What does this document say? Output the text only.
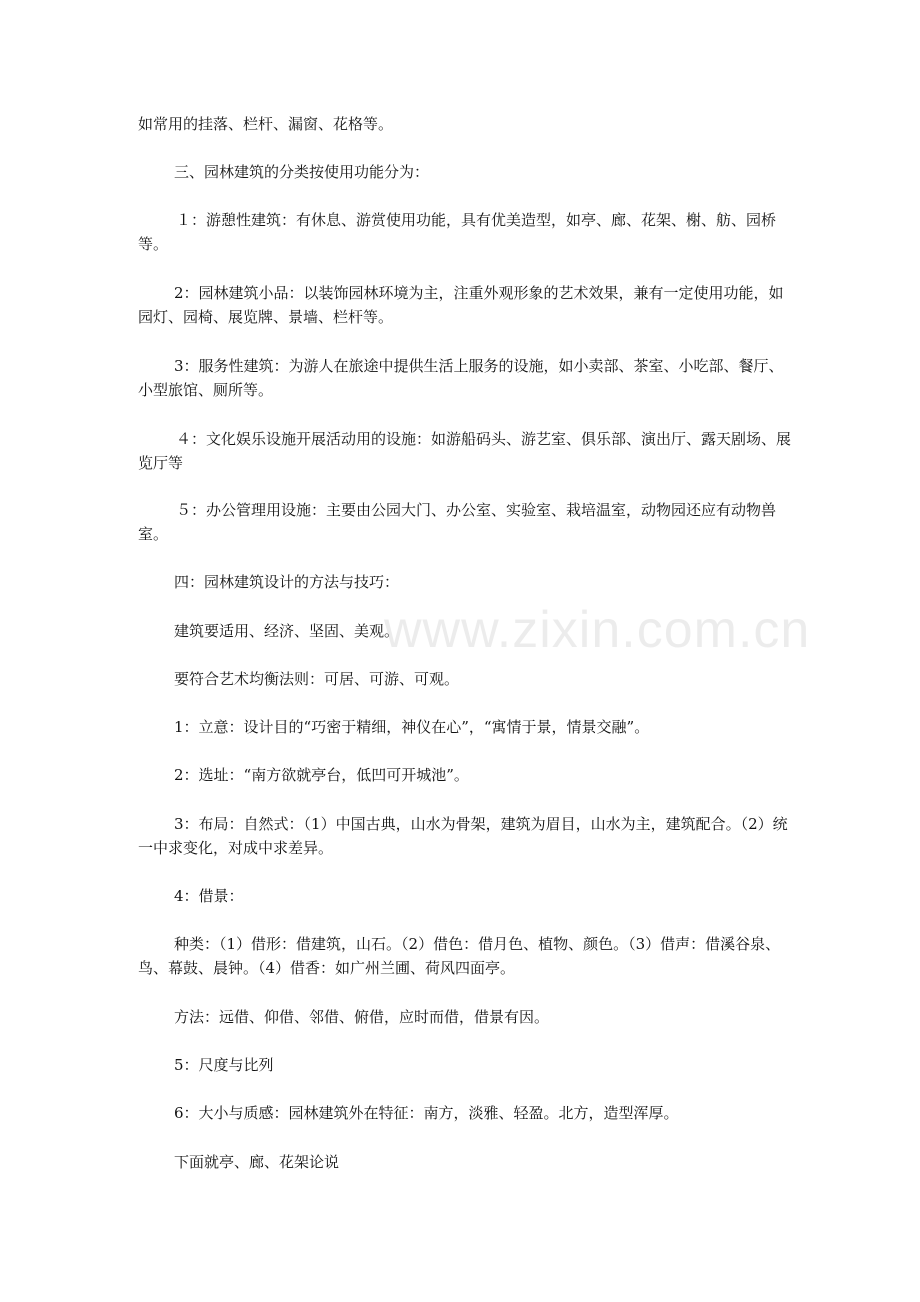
如常用的挂落、栏杆、漏窗、花格等。

三、园林建筑的分类按使用功能分为：

１：游憩性建筑：有休息、游赏使用功能，具有优美造型，如亭、廊、花架、榭、舫、园桥等。

2：园林建筑小品：以装饰园林环境为主，注重外观形象的艺术效果，兼有一定使用功能，如园灯、园椅、展览牌、景墙、栏杆等。

3：服务性建筑：为游人在旅途中提供生活上服务的设施，如小卖部、茶室、小吃部、餐厅、小型旅馆、厕所等。

４：文化娱乐设施开展活动用的设施：如游船码头、游艺室、俱乐部、演出厅、露天剧场、展览厅等

５：办公管理用设施：主要由公园大门、办公室、实验室、栽培温室，动物园还应有动物兽室。

四：园林建筑设计的方法与技巧：

建筑要适用、经济、坚固、美观。

要符合艺术均衡法则：可居、可游、可观。

1：立意：设计目的“巧密于精细，神仪在心”，“寓情于景，情景交融”。

2：选址：“南方欲就亭台，低凹可开城池”。

3：布局：自然式：（1）中国古典，山水为骨架，建筑为眉目，山水为主，建筑配合。（2）统一中求变化，对成中求差异。

4：借景：

种类：（1）借形：借建筑，山石。（2）借色：借月色、植物、颜色。（3）借声：借溪谷泉、鸟、幕鼓、晨钟。（4）借香：如广州兰圃、荷风四面亭。

方法：远借、仰借、邻借、俯借，应时而借，借景有因。

5：尺度与比列

6：大小与质感：园林建筑外在特征：南方，淡雅、轻盈。北方，造型浑厚。

下面就亭、廊、花架论说

www.zixin.com.cn
